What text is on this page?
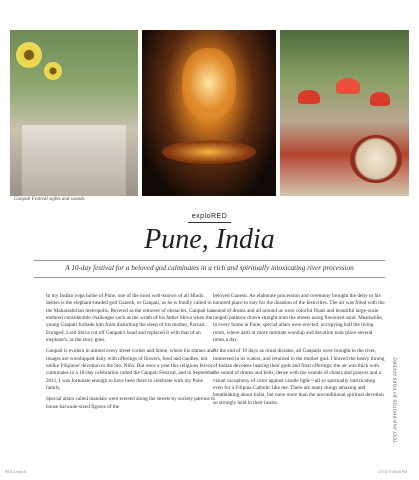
Ganpati Festival sights and sounds
exploRED
Pune, India
A 10-day festival for a beloved god culminates in a rich and spiritually intoxicating river procession

In my Indian yoga home of Pune, one of the most well-known of all Hindu deities is the elephant-headed god Ganesh, or Ganpati, as he is fondly called in the Maharashtrian metropolis. Revered as the remover of obstacles, Ganpati has endured considerable challenges such as the wrath of his father Shiva when the young Ganpati forbade him from disturbing the sleep of his mother, Parvati. Enraged, Lord Shiva cut off Ganpati's head and replaced it with that of an elephant's, as the story goes.

Ganpati is evident in almost every street corner and home, where his statues and images are worshipped daily with offerings of flowers, food and candles, not unlike Filipinos' devotion to the Sto. Niño. But once a year this religious fervor culminates in a 10-day celebration called the Ganpati Festival, and in September 2011, I was fortunate enough to have been there to celebrate with my Pune family.

Special altars called mandals were erected along the streets by society patrons to house karwade-sized figures of the

beloved Ganesh. An elaborate procession and ceremony brought the deity to his honored place to stay for the duration of the festivities. The air was filled with the sound of drums and all around us were colorful floats and beautiful large-scale rangoli patterns drawn straight onto the streets using flavoured sand. Meanwhile, in every home in Pune, special altars were erected, occupying half the living room, where aarti or more intimate worship and devotion took place several times a day.

At the end of 10 days as ritual dictates, all Ganpatis were brought to the river, immersed in its waters, and returned to the mother god. I braved the heavy throng of Indian devotees bearing their gods and final offerings; the air was thick with the sound of drums and bells, dense with the sounds of chants and prayers and a visual cacophony of color against candle light—all so spiritually intoxicating even for a Filipina Catholic like me. There are many things amazing and breathtaking about India, but none more than the unconditional spiritual devotion so strongly held in their hearts.	TEXT AND PHOTOS BY POPS AFFERO
RED 4.indd 8	2/7/12 9:35:50 PM
